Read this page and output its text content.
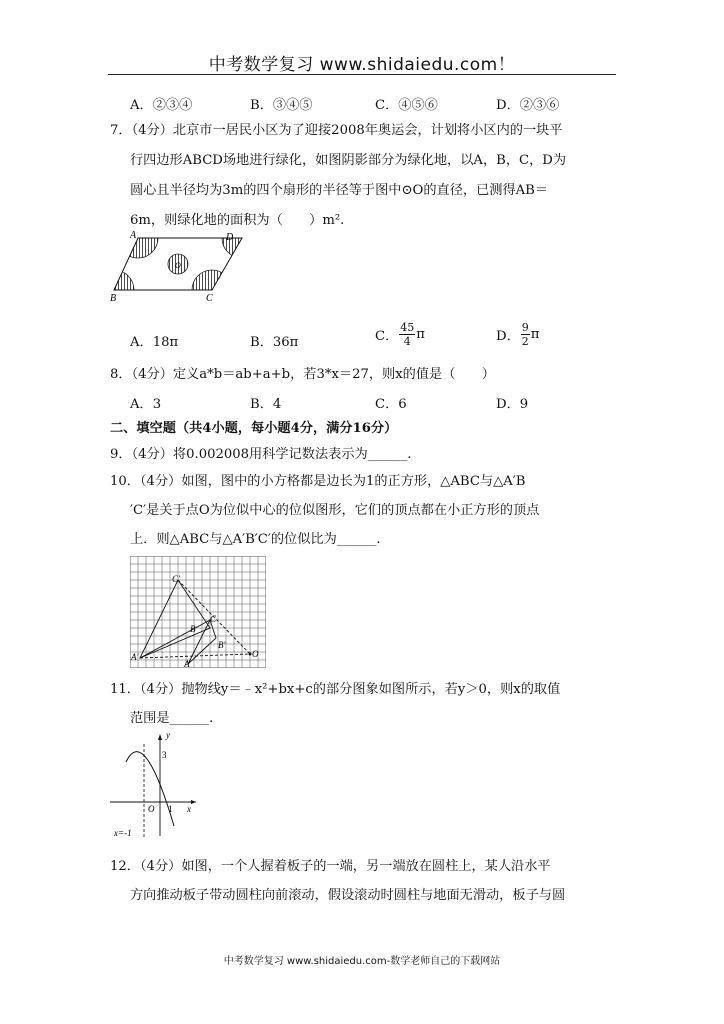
中考数学复习 www.shidaiedu.com！
A．②③④	B．③④⑤	C．④⑤⑥	D．②③⑥
7．（4分）北京市一居民小区为了迎接2008年奥运会，计划将小区内的一块平
行四边形ABCD场地进行绿化，如图阴影部分为绿化地，以A，B，C，D为
圆心且半径均为3m的四个扇形的半径等于图中⊙O的直径，已测得AB＝
6m，则绿化地的面积为（　　）m².
A	D
B	C
O
A．18π	B．36π	C． $\frac{45}{4}$ π	D． $\frac{9}{2}$ π
8．（4分）定义a*b＝ab+a+b，若3*x＝27，则x的值是（　　）
A．3	B．4	C．6	D．9
二、填空题（共4小题，每小题4分，满分16分）
9．（4分）将0.002008用科学记数法表示为______.
10．（4分）如图，图中的小方格都是边长为1的正方形，△ABC与△A′B
′C′是关于点O为位似中心的位似图形，它们的顶点都在小正方形的顶点
上．则△ABC与△A′B′C′的位似比为______.
C'
C
B
B'
A'
A
O
11．（4分）抛物线y＝﹣x²+bx+c的部分图象如图所示，若y＞0，则x的取值
范围是______.
y
3
O 1 x
x=-1
12．（4分）如图，一个人握着板子的一端，另一端放在圆柱上，某人沿水平
方向推动板子带动圆柱向前滚动，假设滚动时圆柱与地面无滑动，板子与圆
中考数学复习 www.shidaiedu.com-数学老师自己的下载网站
